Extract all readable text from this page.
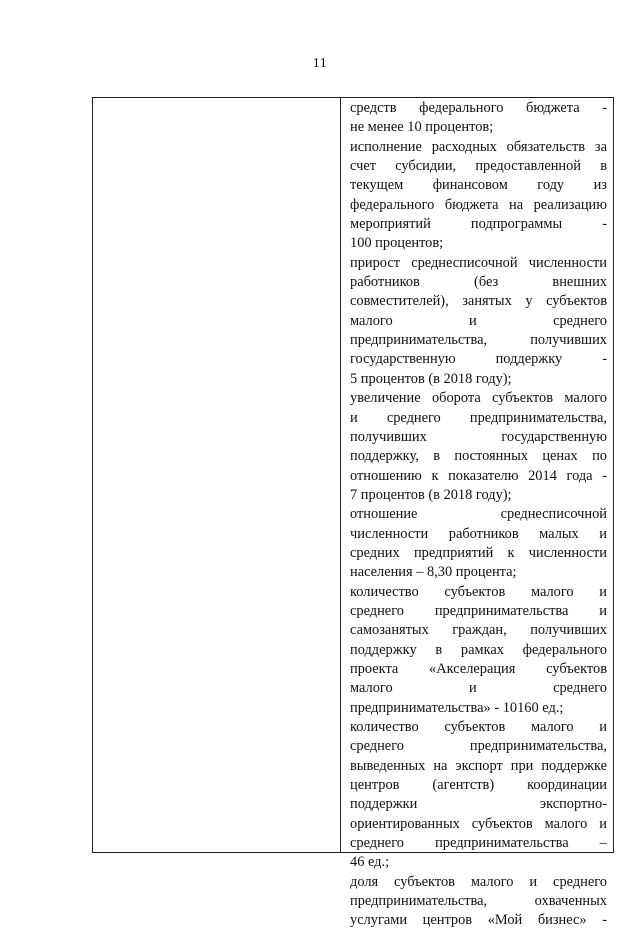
11
средств федерального бюджета -
не менее 10 процентов;
исполнение расходных обязательств за
счет субсидии, предоставленной в
текущем финансовом году из
федерального бюджета на реализацию
мероприятий подпрограммы -
100 процентов;
прирост среднесписочной численности
работников (без внешних
совместителей), занятых у субъектов
малого и среднего
предпринимательства, получивших
государственную поддержку -
5 процентов (в 2018 году);
увеличение оборота субъектов малого
и среднего предпринимательства,
получивших государственную
поддержку, в постоянных ценах по
отношению к показателю 2014 года -
7 процентов (в 2018 году);
отношение среднесписочной
численности работников малых и
средних предприятий к численности
населения – 8,30 процента;
количество субъектов малого и
среднего предпринимательства и
самозанятых граждан, получивших
поддержку в рамках федерального
проекта «Акселерация субъектов
малого и среднего
предпринимательства» - 10160 ед.;
количество субъектов малого и
среднего предпринимательства,
выведенных на экспорт при поддержке
центров (агентств) координации
поддержки экспортно-
ориентированных субъектов малого и
среднего предпринимательства –
46 ед.;
доля субъектов малого и среднего
предпринимательства, охваченных
услугами центров «Мой бизнес» -
